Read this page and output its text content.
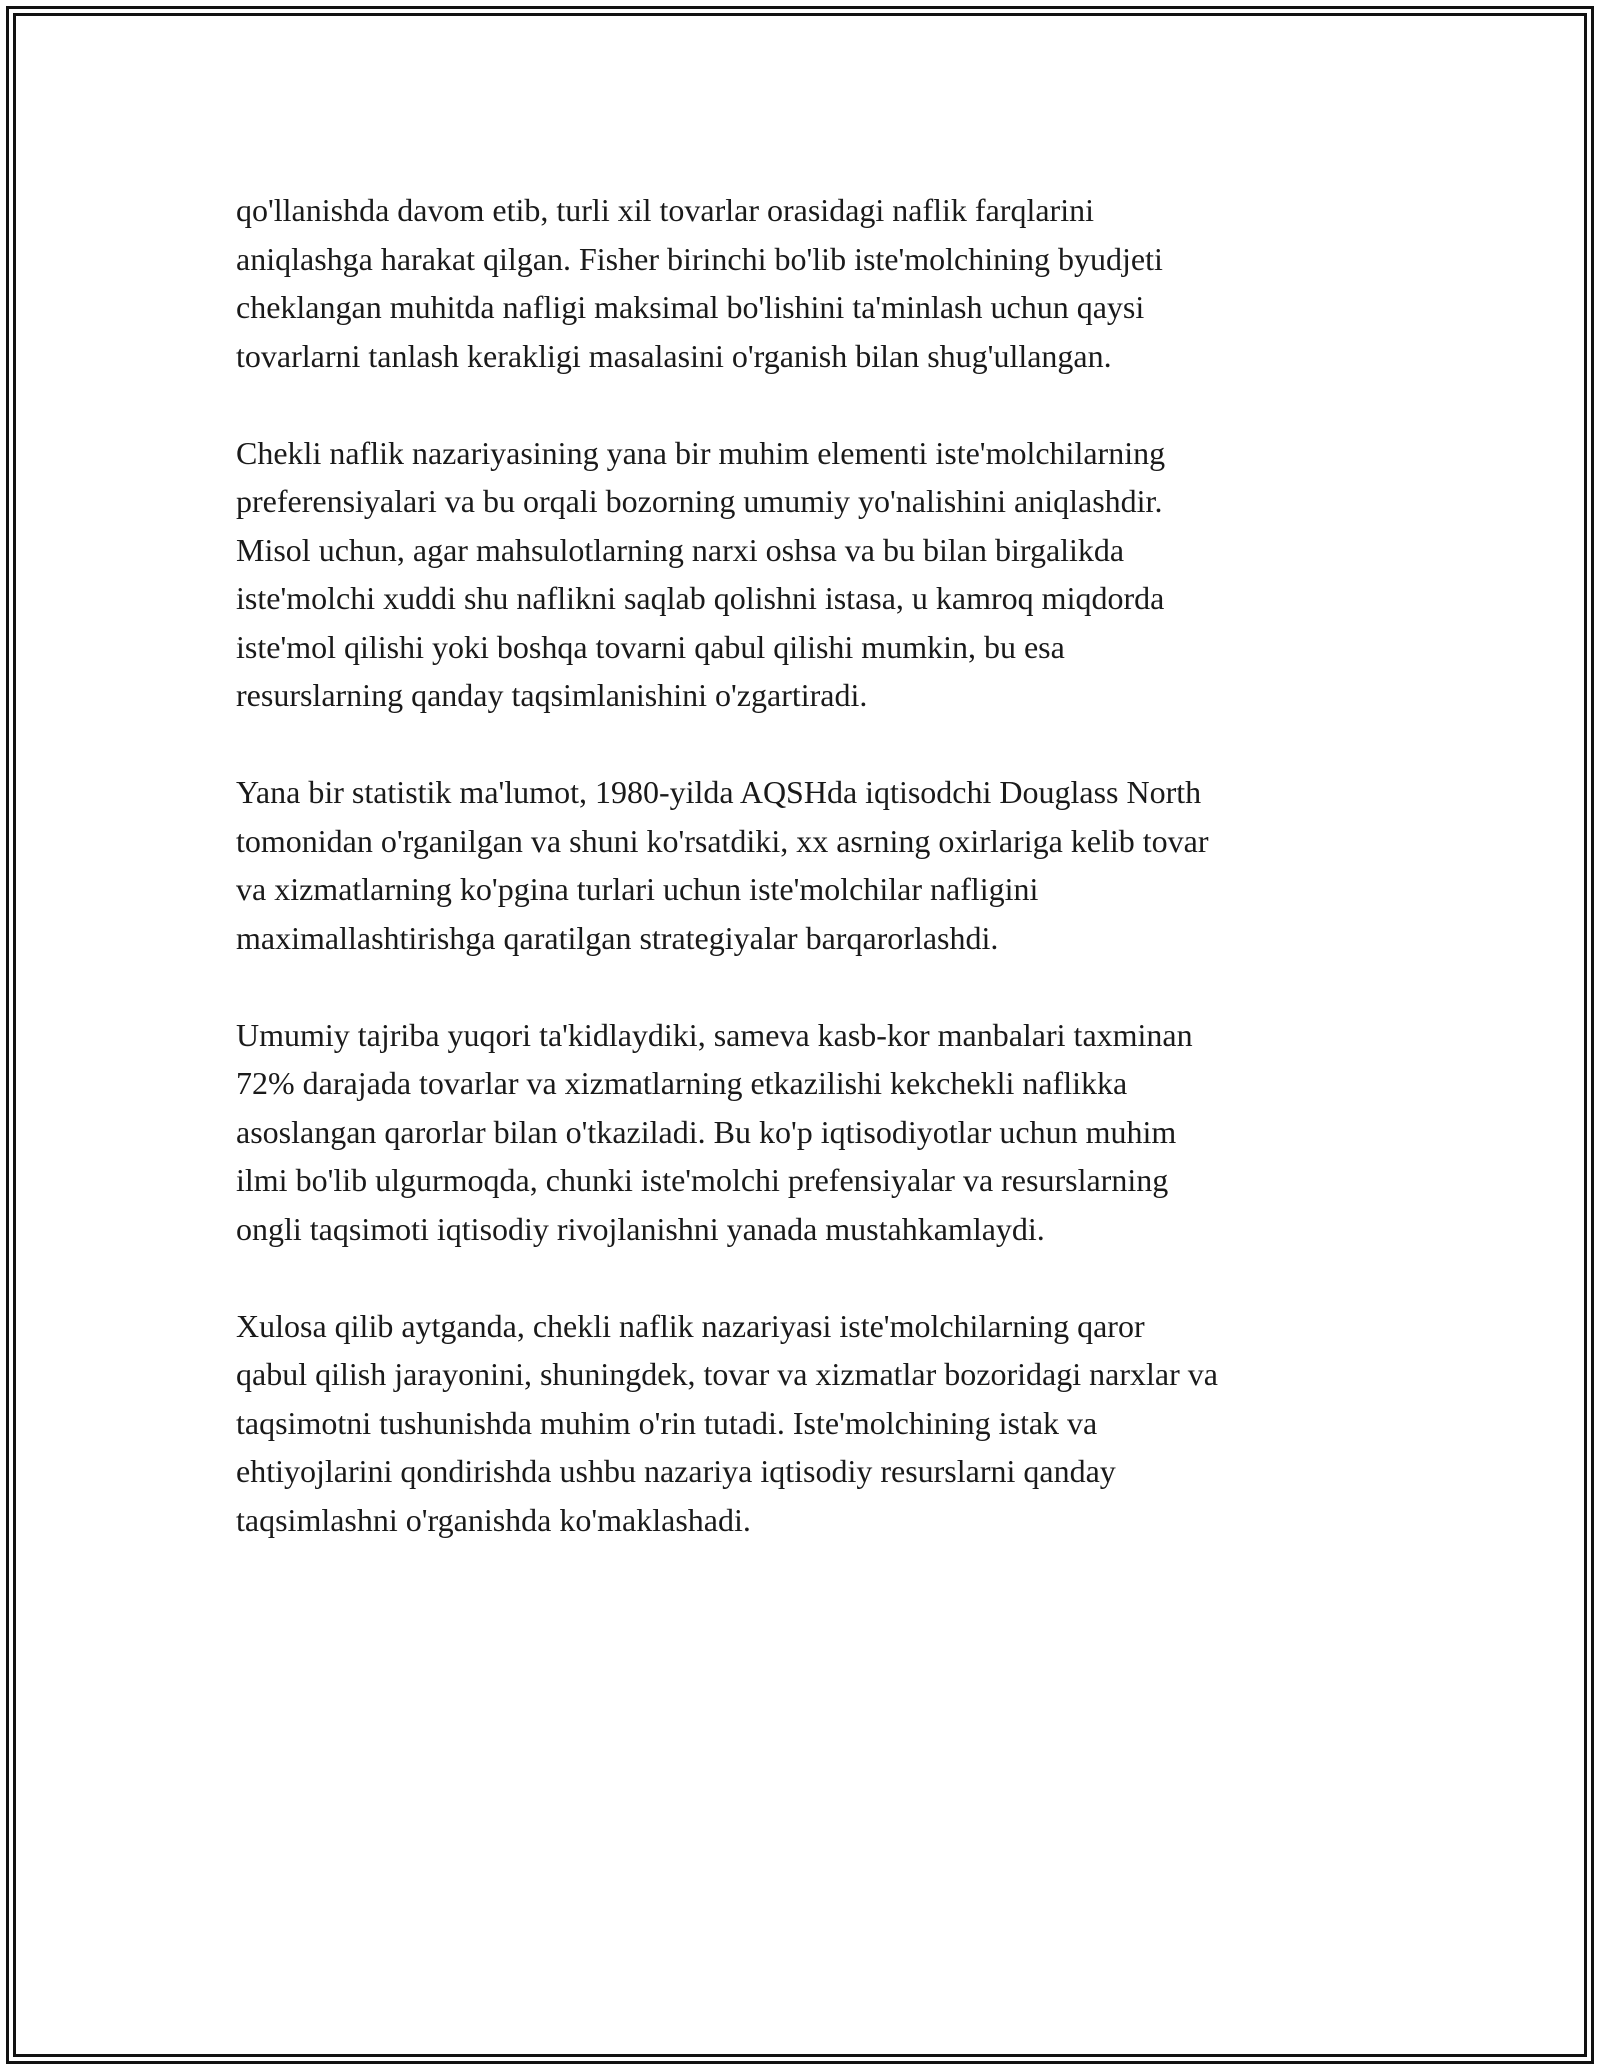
qo'llanishda davom etib, turli xil tovarlar orasidagi naflik farqlarini
aniqlashga harakat qilgan. Fisher birinchi bo'lib iste'molchining byudjeti
cheklangan muhitda nafligi maksimal bo'lishini ta'minlash uchun qaysi
tovarlarni tanlash kerakligi masalasini o'rganish bilan shug'ullangan.

Chekli naflik nazariyasining yana bir muhim elementi iste'molchilarning
preferensiyalari va bu orqali bozorning umumiy yo'nalishini aniqlashdir.
Misol uchun, agar mahsulotlarning narxi oshsa va bu bilan birgalikda
iste'molchi xuddi shu naflikni saqlab qolishni istasa, u kamroq miqdorda
iste'mol qilishi yoki boshqa tovarni qabul qilishi mumkin, bu esa
resurslarning qanday taqsimlanishini o'zgartiradi.

Yana bir statistik ma'lumot, 1980-yilda AQSHda iqtisodchi Douglass North
tomonidan o'rganilgan va shuni ko'rsatdiki, xx asrning oxirlariga kelib tovar
va xizmatlarning ko'pgina turlari uchun iste'molchilar nafligini
maximallashtirishga qaratilgan strategiyalar barqarorlashdi.

Umumiy tajriba yuqori ta'kidlaydiki, sameva kasb-kor manbalari taxminan
72% darajada tovarlar va xizmatlarning etkazilishi kekchekli naflikka
asoslangan qarorlar bilan o'tkaziladi. Bu ko'p iqtisodiyotlar uchun muhim
ilmi bo'lib ulgurmoqda, chunki iste'molchi prefensiyalar va resurslarning
ongli taqsimoti iqtisodiy rivojlanishni yanada mustahkamlaydi.

Xulosa qilib aytganda, chekli naflik nazariyasi iste'molchilarning qaror
qabul qilish jarayonini, shuningdek, tovar va xizmatlar bozoridagi narxlar va
taqsimotni tushunishda muhim o'rin tutadi. Iste'molchining istak va
ehtiyojlarini qondirishda ushbu nazariya iqtisodiy resurslarni qanday
taqsimlashni o'rganishda ko'maklashadi.
